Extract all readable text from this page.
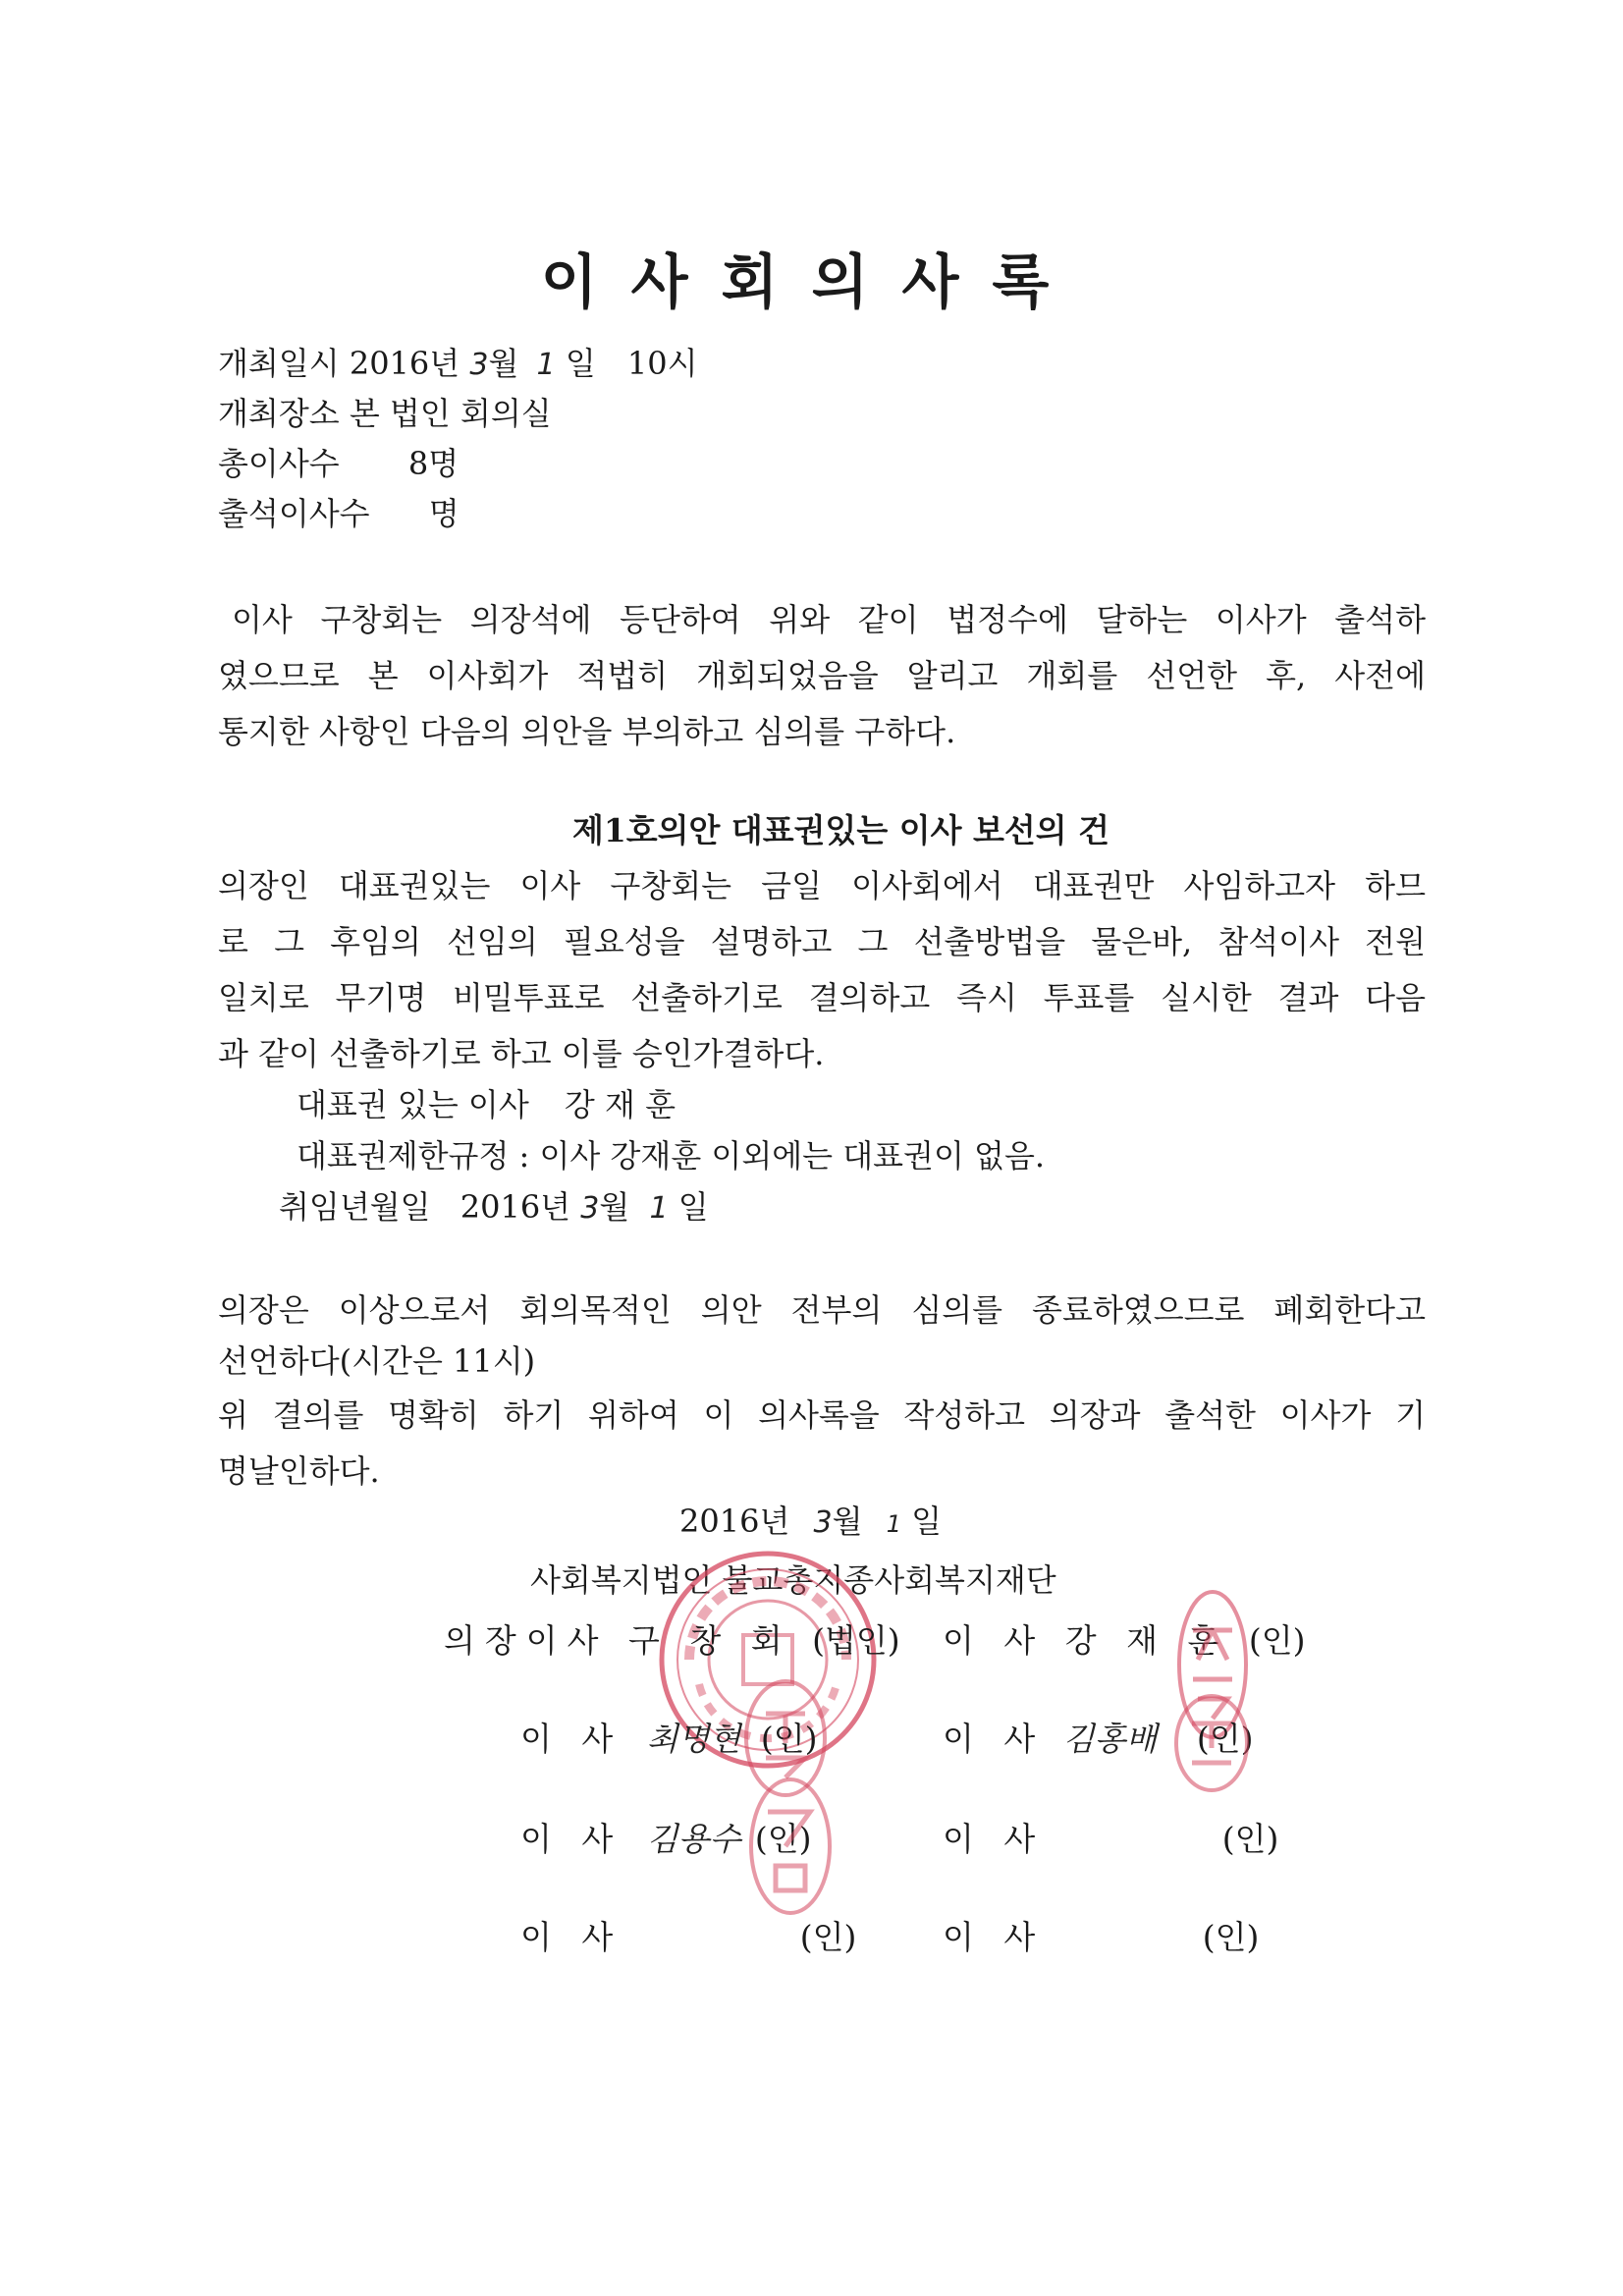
이사회의사록
개최일시 2016년 3월 1 일 10시
개최장소 본 법인 회의실
총이사수 8명
출석이사수 명
이사 구창회는 의장석에 등단하여 위와 같이 법정수에 달하는 이사가 출석하
였으므로 본 이사회가 적법히 개회되었음을 알리고 개회를 선언한 후, 사전에
통지한 사항인 다음의 의안을 부의하고 심의를 구하다.
제1호의안 대표권있는 이사 보선의 건
의장인 대표권있는 이사 구창회는 금일 이사회에서 대표권만 사임하고자 하므
로 그 후임의 선임의 필요성을 설명하고 그 선출방법을 물은바, 참석이사 전원
일치로 무기명 비밀투표로 선출하기로 결의하고 즉시 투표를 실시한 결과 다음
과 같이 선출하기로 하고 이를 승인가결하다.
대표권 있는 이사 강 재 훈
대표권제한규정 : 이사 강재훈 이외에는 대표권이 없음.
취임년월일 2016년 3월 1 일
의장은 이상으로서 회의목적인 의안 전부의 심의를 종료하였으므로 폐회한다고
선언하다(시간은 11시)
위 결의를 명확히 하기 위하여 이 의사록을 작성하고 의장과 출석한 이사가 기
명날인하다.
2016년 3월 1 일
사회복지법인 불교총지종사회복지재단
의장이사 구 창 회 (법인) 이 사 강 재 훈 (인)
이 사 최명현 (인)	이 사 김홍배 (인)
이 사 김용수 (인)	이 사	(인)
이 사	(인)	이 사	(인)
